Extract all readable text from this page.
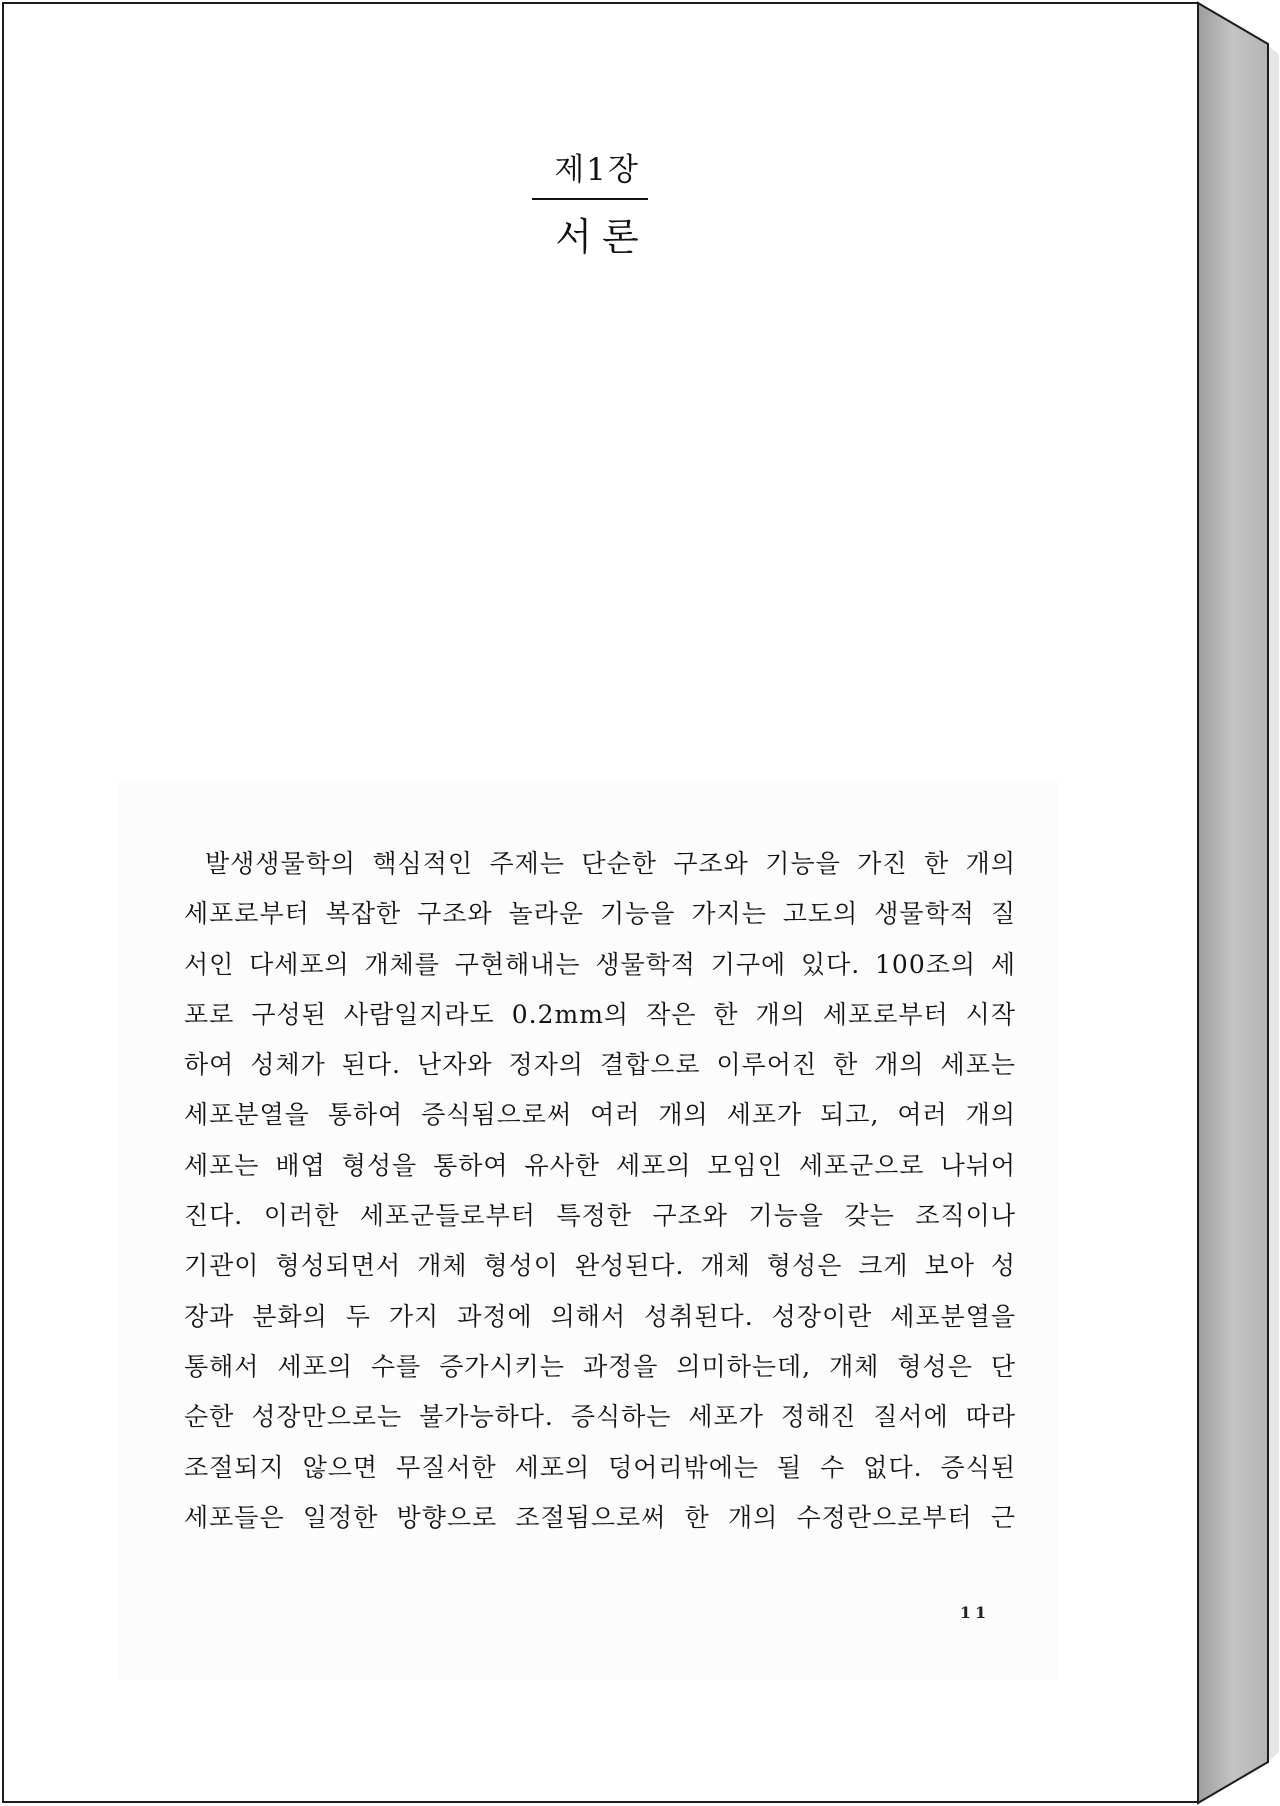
제1장
서론
발생생물학의 핵심적인 주제는 단순한 구조와 기능을 가진 한 개의
세포로부터 복잡한 구조와 놀라운 기능을 가지는 고도의 생물학적 질
서인 다세포의 개체를 구현해내는 생물학적 기구에 있다. 100조의 세
포로 구성된 사람일지라도 0.2mm의 작은 한 개의 세포로부터 시작
하여 성체가 된다. 난자와 정자의 결합으로 이루어진 한 개의 세포는
세포분열을 통하여 증식됨으로써 여러 개의 세포가 되고, 여러 개의
세포는 배엽 형성을 통하여 유사한 세포의 모임인 세포군으로 나뉘어
진다. 이러한 세포군들로부터 특정한 구조와 기능을 갖는 조직이나
기관이 형성되면서 개체 형성이 완성된다. 개체 형성은 크게 보아 성
장과 분화의 두 가지 과정에 의해서 성취된다. 성장이란 세포분열을
통해서 세포의 수를 증가시키는 과정을 의미하는데, 개체 형성은 단
순한 성장만으로는 불가능하다. 증식하는 세포가 정해진 질서에 따라
조절되지 않으면 무질서한 세포의 덩어리밖에는 될 수 없다. 증식된
세포들은 일정한 방향으로 조절됨으로써 한 개의 수정란으로부터 근
11
